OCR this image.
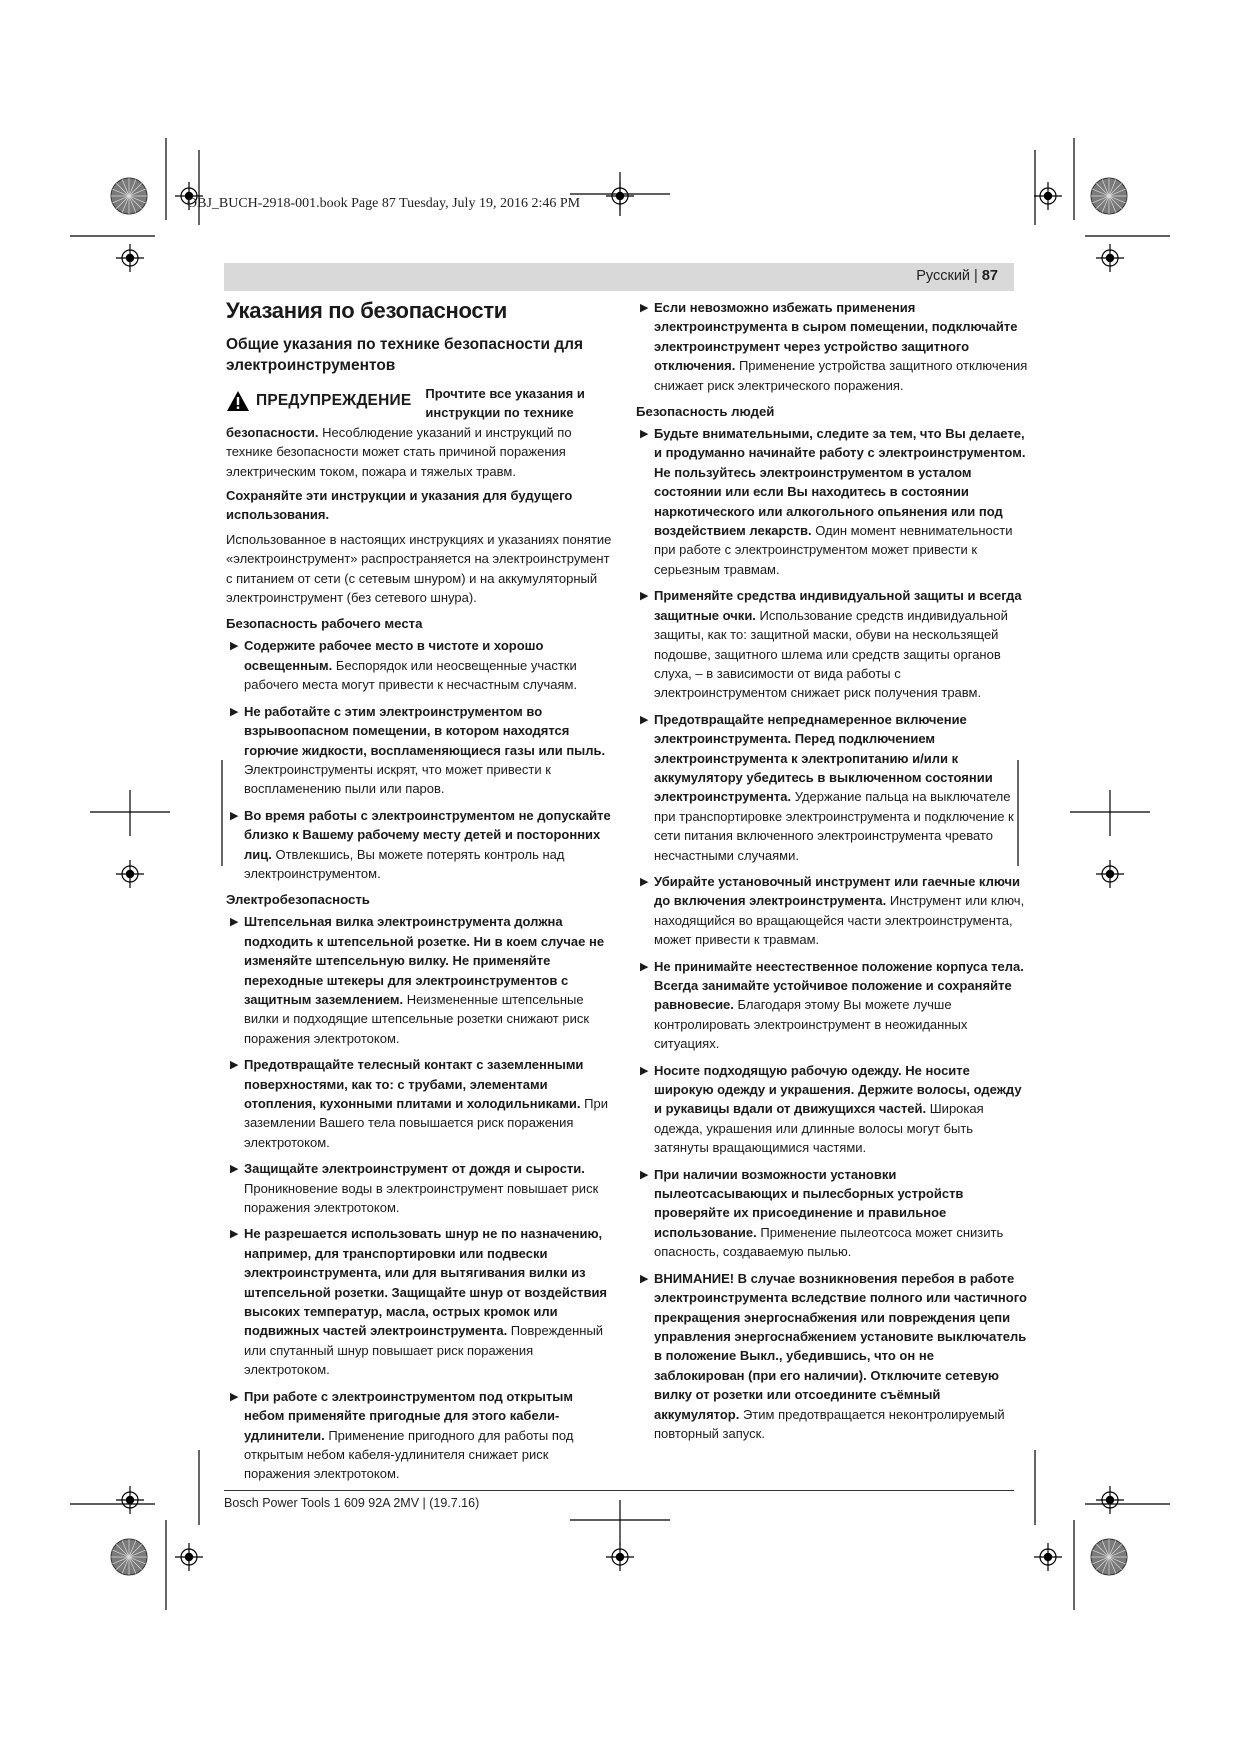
OBJ_BUCH-2918-001.book Page 87 Tuesday, July 19, 2016 2:46 PM
Русский | 87
Указания по безопасности
Общие указания по технике безопасности для электроинструментов
ПРЕДУПРЕЖДЕНИЕ	Прочтите все указания и инструкции по технике безопасности. Несоблюдение указаний и инструкций по технике безопасности может стать причиной поражения электрическим током, пожара и тяжелых травм.

Сохраняйте эти инструкции и указания для будущего использования.

Использованное в настоящих инструкциях и указаниях понятие «электроинструмент» распространяется на электроинструмент с питанием от сети (с сетевым шнуром) и на аккумуляторный электроинструмент (без сетевого шнура).

Безопасность рабочего места
▶ Содержите рабочее место в чистоте и хорошо освещенным. Беспорядок или неосвещенные участки рабочего места могут привести к несчастным случаям.
▶ Не работайте с этим электроинструментом во взрывоопасном помещении, в котором находятся горючие жидкости, воспламеняющиеся газы или пыль. Электроинструменты искрят, что может привести к воспламенению пыли или паров.
▶ Во время работы с электроинструментом не допускайте близко к Вашему рабочему месту детей и посторонних лиц. Отвлекшись, Вы можете потерять контроль над электроинструментом.
Электробезопасность
▶ Штепсельная вилка электроинструмента должна подходить к штепсельной розетке. Ни в коем случае не изменяйте штепсельную вилку. Не применяйте переходные штекеры для электроинструментов с защитным заземлением. Неизмененные штепсельные вилки и подходящие штепсельные розетки снижают риск поражения электротоком.
▶ Предотвращайте телесный контакт с заземленными поверхностями, как то: с трубами, элементами отопления, кухонными плитами и холодильниками. При заземлении Вашего тела повышается риск поражения электротоком.
▶ Защищайте электроинструмент от дождя и сырости. Проникновение воды в электроинструмент повышает риск поражения электротоком.
▶ Не разрешается использовать шнур не по назначению, например, для транспортировки или подвески электроинструмента, или для вытягивания вилки из штепсельной розетки. Защищайте шнур от воздействия высоких температур, масла, острых кромок или подвижных частей электроинструмента. Поврежденный или спутанный шнур повышает риск поражения электротоком.
▶ При работе с электроинструментом под открытым небом применяйте пригодные для этого кабели-удлинители. Применение пригодного для работы под открытым небом кабеля-удлинителя снижает риск поражения электротоком.
▶ Если невозможно избежать применения электроинструмента в сыром помещении, подключайте электроинструмент через устройство защитного отключения. Применение устройства защитного отключения снижает риск электрического поражения.
Безопасность людей
▶ Будьте внимательными, следите за тем, что Вы делаете, и продуманно начинайте работу с электроинструментом. Не пользуйтесь электроинструментом в усталом состоянии или если Вы находитесь в состоянии наркотического или алкогольного опьянения или под воздействием лекарств. Один момент невнимательности при работе с электроинструментом может привести к серьезным травмам.
▶ Применяйте средства индивидуальной защиты и всегда защитные очки. Использование средств индивидуальной защиты, как то: защитной маски, обуви на нескользящей подошве, защитного шлема или средств защиты органов слуха, – в зависимости от вида работы с электроинструментом снижает риск получения травм.
▶ Предотвращайте непреднамеренное включение электроинструмента. Перед подключением электроинструмента к электропитанию и/или к аккумулятору убедитесь в выключенном состоянии электроинструмента. Удержание пальца на выключателе при транспортировке электроинструмента и подключение к сети питания включенного электроинструмента чревато несчастными случаями.
▶ Убирайте установочный инструмент или гаечные ключи до включения электроинструмента. Инструмент или ключ, находящийся во вращающейся части электроинструмента, может привести к травмам.
▶ Не принимайте неестественное положение корпуса тела. Всегда занимайте устойчивое положение и сохраняйте равновесие. Благодаря этому Вы можете лучше контролировать электроинструмент в неожиданных ситуациях.
▶ Носите подходящую рабочую одежду. Не носите широкую одежду и украшения. Держите волосы, одежду и рукавицы вдали от движущихся частей. Широкая одежда, украшения или длинные волосы могут быть затянуты вращающимися частями.
▶ При наличии возможности установки пылеотсасывающих и пылесборных устройств проверяйте их присоединение и правильное использование. Применение пылеотсоса может снизить опасность, создаваемую пылью.
▶ ВНИМАНИЕ! В случае возникновения перебоя в работе электроинструмента вследствие полного или частичного прекращения энергоснабжения или повреждения цепи управления энергоснабжением установите выключатель в положение Выкл., убедившись, что он не заблокирован (при его наличии). Отключите сетевую вилку от розетки или отсоедините съёмный аккумулятор. Этим предотвращается неконтролируемый повторный запуск.
Bosch Power Tools 1 609 92A 2MV | (19.7.16)
